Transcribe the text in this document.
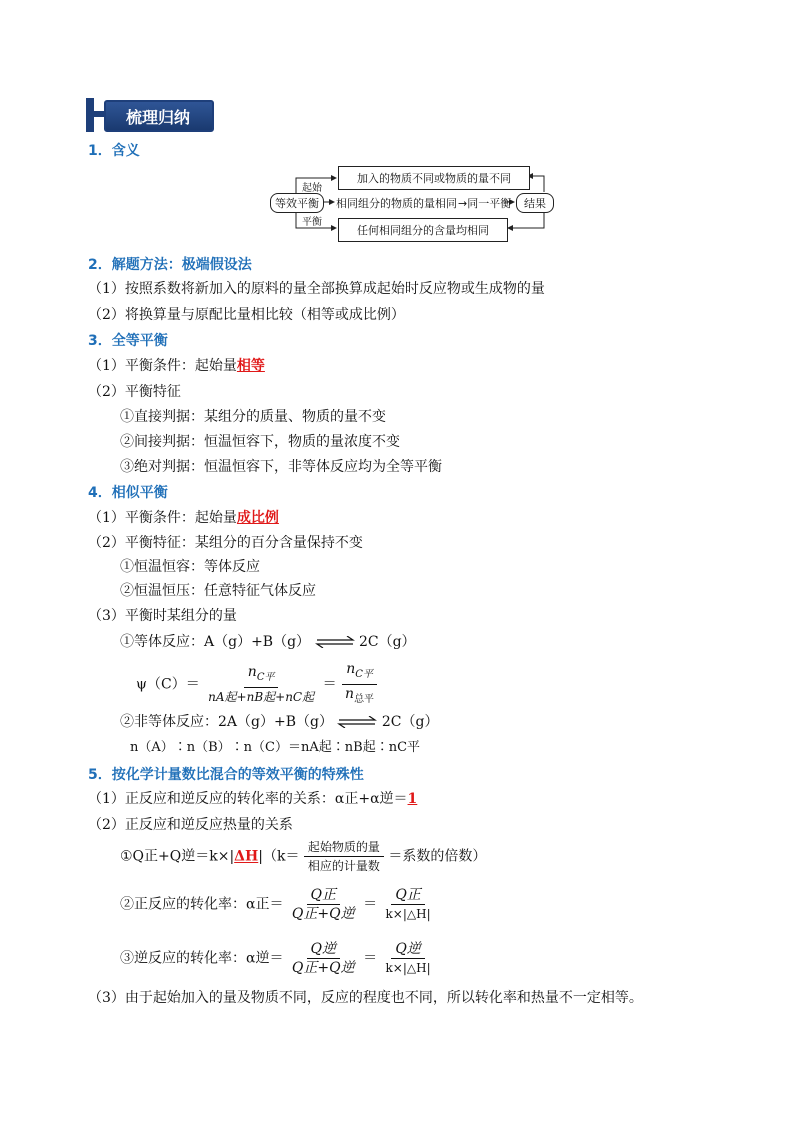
梳理归纳
1．含义
等效平衡
加入的物质不同或物质的量不同
任何相同组分的含量均相同
结果
相同组分的物质的量相同 →同一平衡
起始
平衡
2．解题方法：极端假设法
（1）按照系数将新加入的原料的量全部换算成起始时反应物或生成物的量
（2）将换算量与原配比量相比较（相等或成比例）
3．全等平衡
（1）平衡条件：起始量相等
（2）平衡特征
①直接判据：某组分的质量、物质的量不变
②间接判据：恒温恒容下，物质的量浓度不变
③绝对判据：恒温恒容下，非等体反应均为全等平衡
4．相似平衡
（1）平衡条件：起始量成比例
（2）平衡特征：某组分的百分含量保持不变
①恒温恒容：等体反应
②恒温恒压：任意特征气体反应
（3）平衡时某组分的量
①等体反应：A（g）+B（g） ⇌ 2C（g）
$\psi(C)= \frac{n_{C平}}{\text{nA起+nB起+nC起}} = \frac{n_{C平}}{n_{总平}}$
②非等体反应：2A（g）+B（g） ⇌ 2C（g）
n（A）∶n（B）∶n（C）＝nA起∶nB起∶nC平
5．按化学计量数比混合的等效平衡的特殊性
（1）正反应和逆反应的转化率的关系：α正+α逆＝1
（2）正反应和逆反应热量的关系
①Q正+Q逆$=k\times|\Delta H|(k= \frac{\text{起始物质的量}}{\text{相应的计量数}}$ ＝系数的倍数）
②正反应的转化率：α正＝ $\frac{\text{Q正}}{\text{Q正+Q逆}} = \frac{\text{Q正}}{k\times|\triangle H|}$
③逆反应的转化率：α逆＝ $\frac{\text{Q逆}}{\text{Q正+Q逆}} = \frac{\text{Q逆}}{k\times|\triangle H|}$
（3）由于起始加入的量及物质不同，反应的程度也不同，所以转化率和热量不一定相等。
